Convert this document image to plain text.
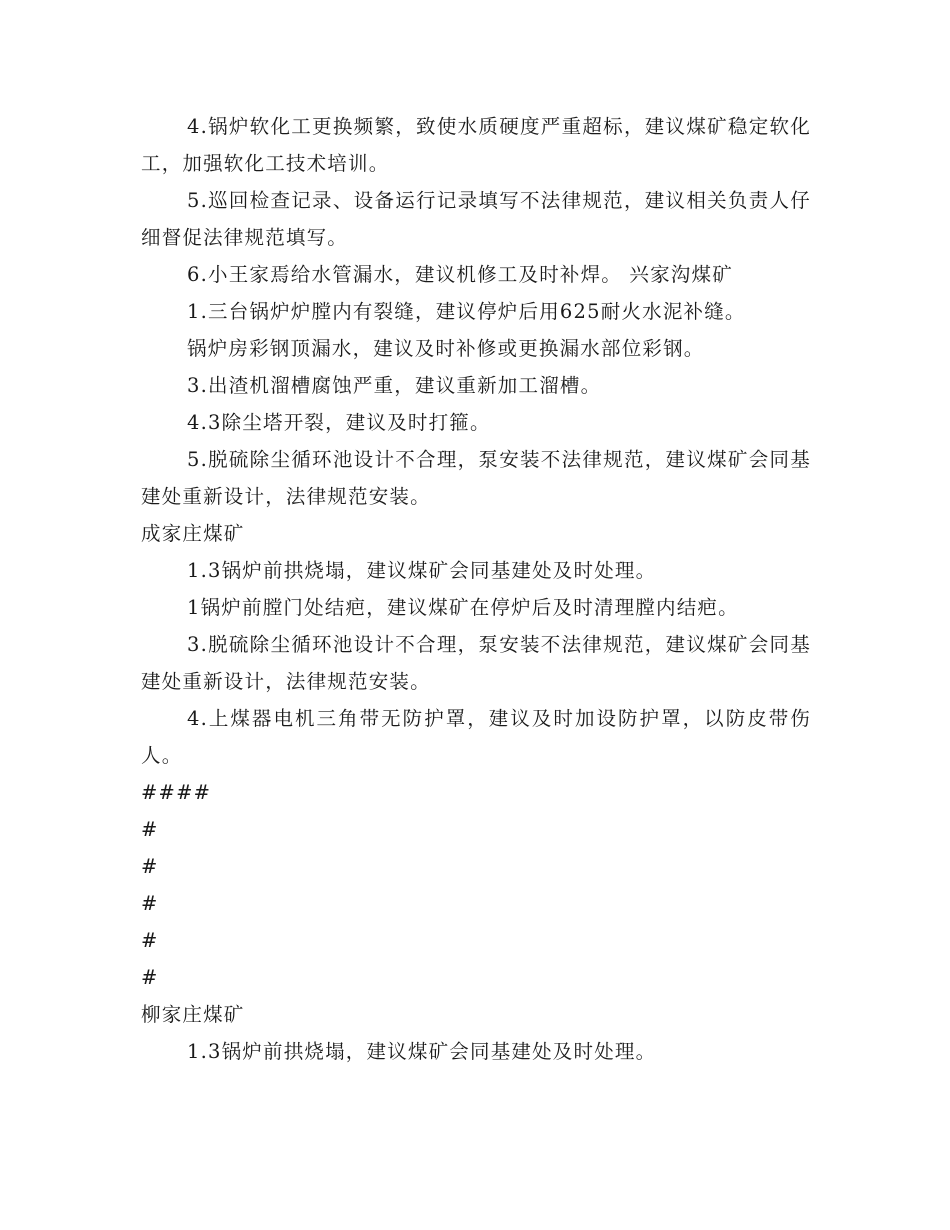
4.锅炉软化工更换频繁，致使水质硬度严重超标，建议煤矿稳定软化工，加强软化工技术培训。

5.巡回检查记录、设备运行记录填写不法律规范，建议相关负责人仔细督促法律规范填写。

6.小王家焉给水管漏水，建议机修工及时补焊。 兴家沟煤矿

1.三台锅炉炉膛内有裂缝，建议停炉后用625耐火水泥补缝。

锅炉房彩钢顶漏水，建议及时补修或更换漏水部位彩钢。

3.出渣机溜槽腐蚀严重，建议重新加工溜槽。

4.3除尘塔开裂，建议及时打箍。

5.脱硫除尘循环池设计不合理，泵安装不法律规范，建议煤矿会同基建处重新设计，法律规范安装。

成家庄煤矿

1.3锅炉前拱烧塌，建议煤矿会同基建处及时处理。

1锅炉前膛门处结疤，建议煤矿在停炉后及时清理膛内结疤。

3.脱硫除尘循环池设计不合理，泵安装不法律规范，建议煤矿会同基建处重新设计，法律规范安装。

4.上煤器电机三角带无防护罩，建议及时加设防护罩，以防皮带伤人。

####

#

#

#

#

#

柳家庄煤矿

1.3锅炉前拱烧塌，建议煤矿会同基建处及时处理。
